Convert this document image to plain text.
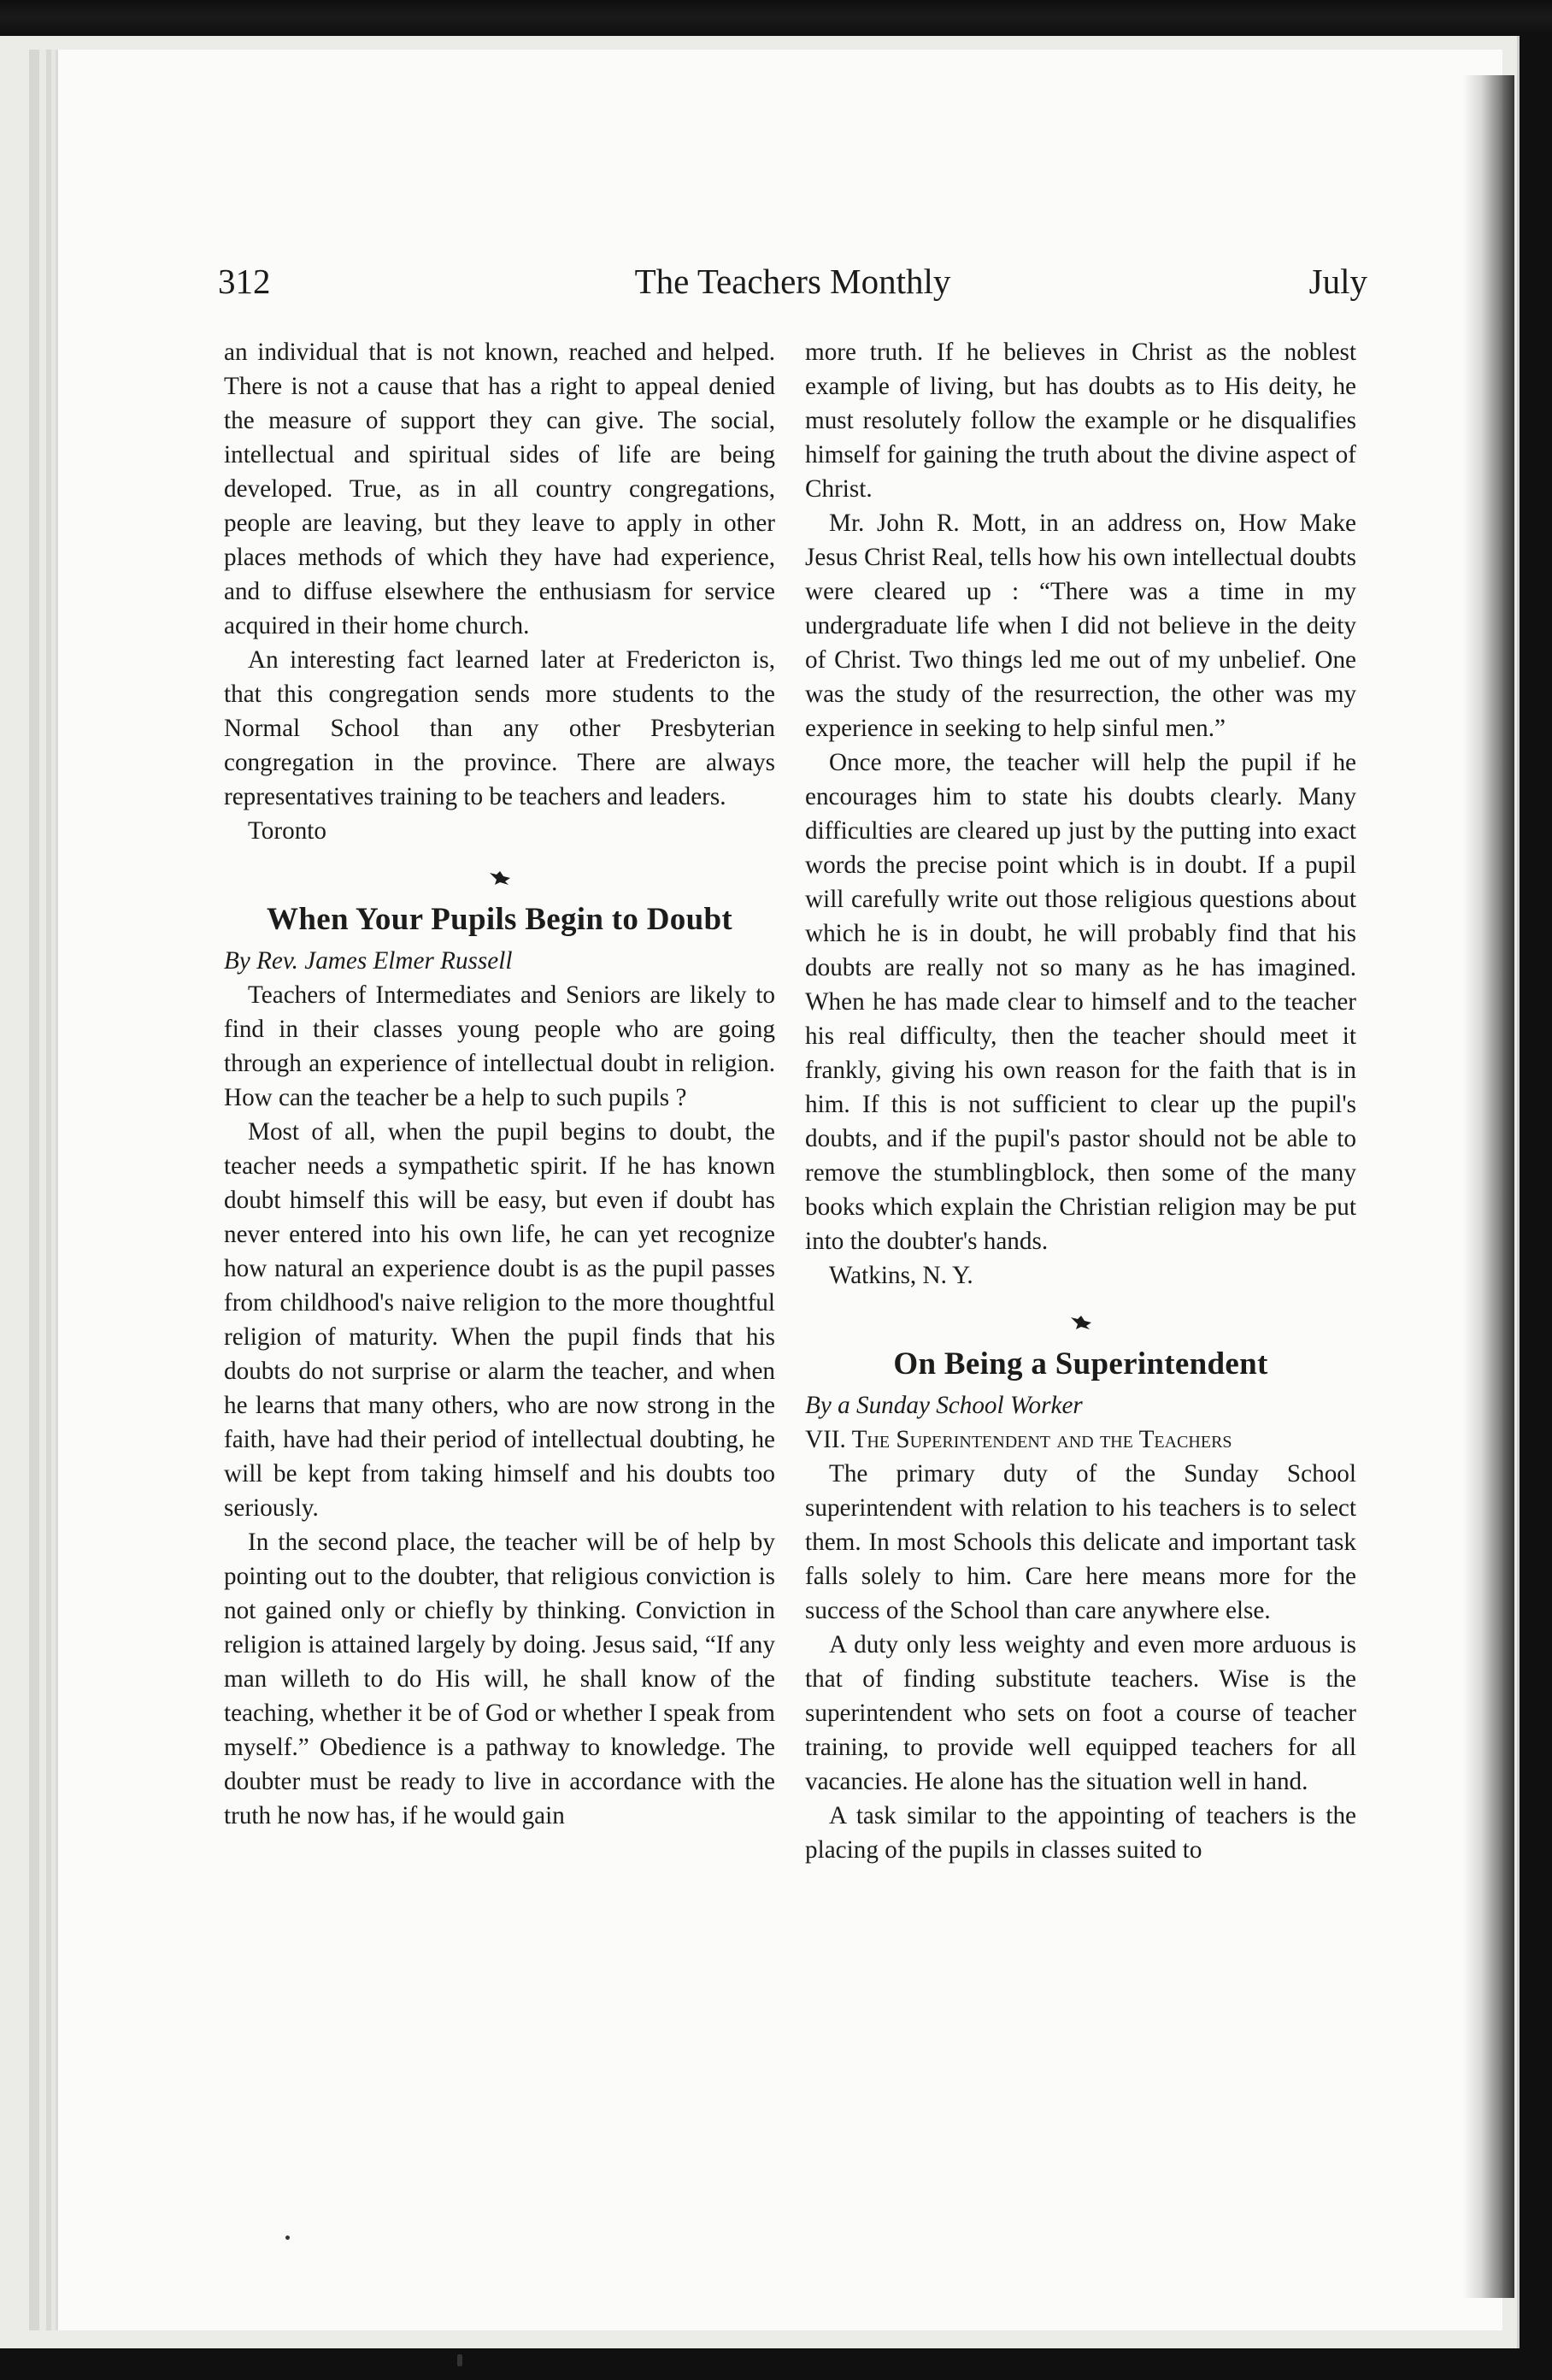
312	The Teachers Monthly	July

an individual that is not known, reached and helped. There is not a cause that has a right to appeal denied the measure of support they can give. The social, intellectual and spiritual sides of life are being developed. True, as in all country congregations, people are leaving, but they leave to apply in other places methods of which they have had experience, and to diffuse elsewhere the enthusiasm for service acquired in their home church.

An interesting fact learned later at Fredericton is, that this congregation sends more students to the Normal School than any other Presbyterian congregation in the province. There are always representatives training to be teachers and leaders.

Toronto

When Your Pupils Begin to Doubt

By Rev. James Elmer Russell

Teachers of Intermediates and Seniors are likely to find in their classes young people who are going through an experience of intellectual doubt in religion. How can the teacher be a help to such pupils ?

Most of all, when the pupil begins to doubt, the teacher needs a sympathetic spirit. If he has known doubt himself this will be easy, but even if doubt has never entered into his own life, he can yet recognize how natural an experience doubt is as the pupil passes from childhood's naive religion to the more thoughtful religion of maturity. When the pupil finds that his doubts do not surprise or alarm the teacher, and when he learns that many others, who are now strong in the faith, have had their period of intellectual doubting, he will be kept from taking himself and his doubts too seriously.

In the second place, the teacher will be of help by pointing out to the doubter, that religious conviction is not gained only or chiefly by thinking. Conviction in religion is attained largely by doing. Jesus said, “If any man willeth to do His will, he shall know of the teaching, whether it be of God or whether I speak from myself.” Obedience is a pathway to knowledge. The doubter must be ready to live in accordance with the truth he now has, if he would gain

more truth. If he believes in Christ as the noblest example of living, but has doubts as to His deity, he must resolutely follow the example or he disqualifies himself for gaining the truth about the divine aspect of Christ.

Mr. John R. Mott, in an address on, How Make Jesus Christ Real, tells how his own intellectual doubts were cleared up : “There was a time in my undergraduate life when I did not believe in the deity of Christ. Two things led me out of my unbelief. One was the study of the resurrection, the other was my experience in seeking to help sinful men.”

Once more, the teacher will help the pupil if he encourages him to state his doubts clearly. Many difficulties are cleared up just by the putting into exact words the precise point which is in doubt. If a pupil will carefully write out those religious questions about which he is in doubt, he will probably find that his doubts are really not so many as he has imagined. When he has made clear to himself and to the teacher his real difficulty, then the teacher should meet it frankly, giving his own reason for the faith that is in him. If this is not sufficient to clear up the pupil's doubts, and if the pupil's pastor should not be able to remove the stumblingblock, then some of the many books which explain the Christian religion may be put into the doubter's hands.

Watkins, N. Y.

On Being a Superintendent

By a Sunday School Worker

VII. The Superintendent and the Teachers

The primary duty of the Sunday School superintendent with relation to his teachers is to select them. In most Schools this delicate and important task falls solely to him. Care here means more for the success of the School than care anywhere else.

A duty only less weighty and even more arduous is that of finding substitute teachers. Wise is the superintendent who sets on foot a course of teacher training, to provide well equipped teachers for all vacancies. He alone has the situation well in hand.

A task similar to the appointing of teachers is the placing of the pupils in classes suited to
